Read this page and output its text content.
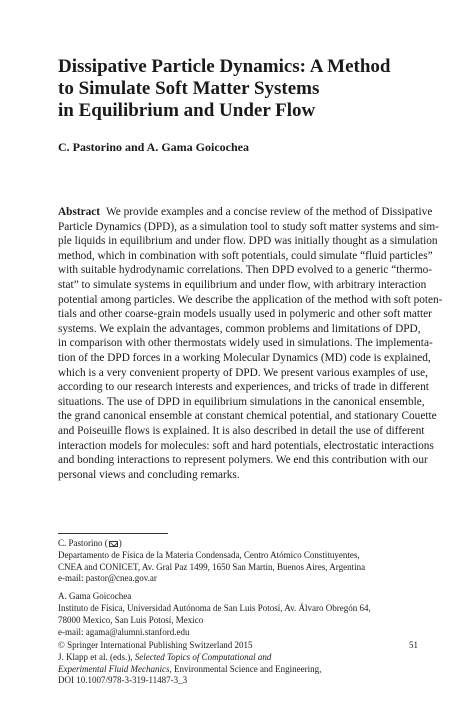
Dissipative Particle Dynamics: A Method
to Simulate Soft Matter Systems
in Equilibrium and Under Flow

C. Pastorino and A. Gama Goicochea

Abstract We provide examples and a concise review of the method of Dissipative
Particle Dynamics (DPD), as a simulation tool to study soft matter systems and sim-
ple liquids in equilibrium and under flow. DPD was initially thought as a simulation
method, which in combination with soft potentials, could simulate “fluid particles”
with suitable hydrodynamic correlations. Then DPD evolved to a generic “thermo-
stat” to simulate systems in equilibrium and under flow, with arbitrary interaction
potential among particles. We describe the application of the method with soft poten-
tials and other coarse-grain models usually used in polymeric and other soft matter
systems. We explain the advantages, common problems and limitations of DPD,
in comparison with other thermostats widely used in simulations. The implementa-
tion of the DPD forces in a working Molecular Dynamics (MD) code is explained,
which is a very convenient property of DPD. We present various examples of use,
according to our research interests and experiences, and tricks of trade in different
situations. The use of DPD in equilibrium simulations in the canonical ensemble,
the grand canonical ensemble at constant chemical potential, and stationary Couette
and Poiseuille flows is explained. It is also described in detail the use of different
interaction models for molecules: soft and hard potentials, electrostatic interactions
and bonding interactions to represent polymers. We end this contribution with our
personal views and concluding remarks.

C. Pastorino ( )

Departamento de Física de la Materia Condensada, Centro Atómico Constituyentes,

CNEA and CONICET, Av. Gral Paz 1499, 1650 San Martín, Buenos Aires, Argentina

e-mail: pastor@cnea.gov.ar

A. Gama Goicochea

Instituto de Física, Universidad Autónoma de San Luis Potosí, Av. Álvaro Obregón 64,

78000 Mexico, San Luis Potosí, Mexico

e-mail: agama@alumni.stanford.edu

© Springer International Publishing Switzerland 2015	51

J. Klapp et al. (eds.), Selected Topics of Computational and

Experimental Fluid Mechanics, Environmental Science and Engineering,

DOI 10.1007/978-3-319-11487-3_3
